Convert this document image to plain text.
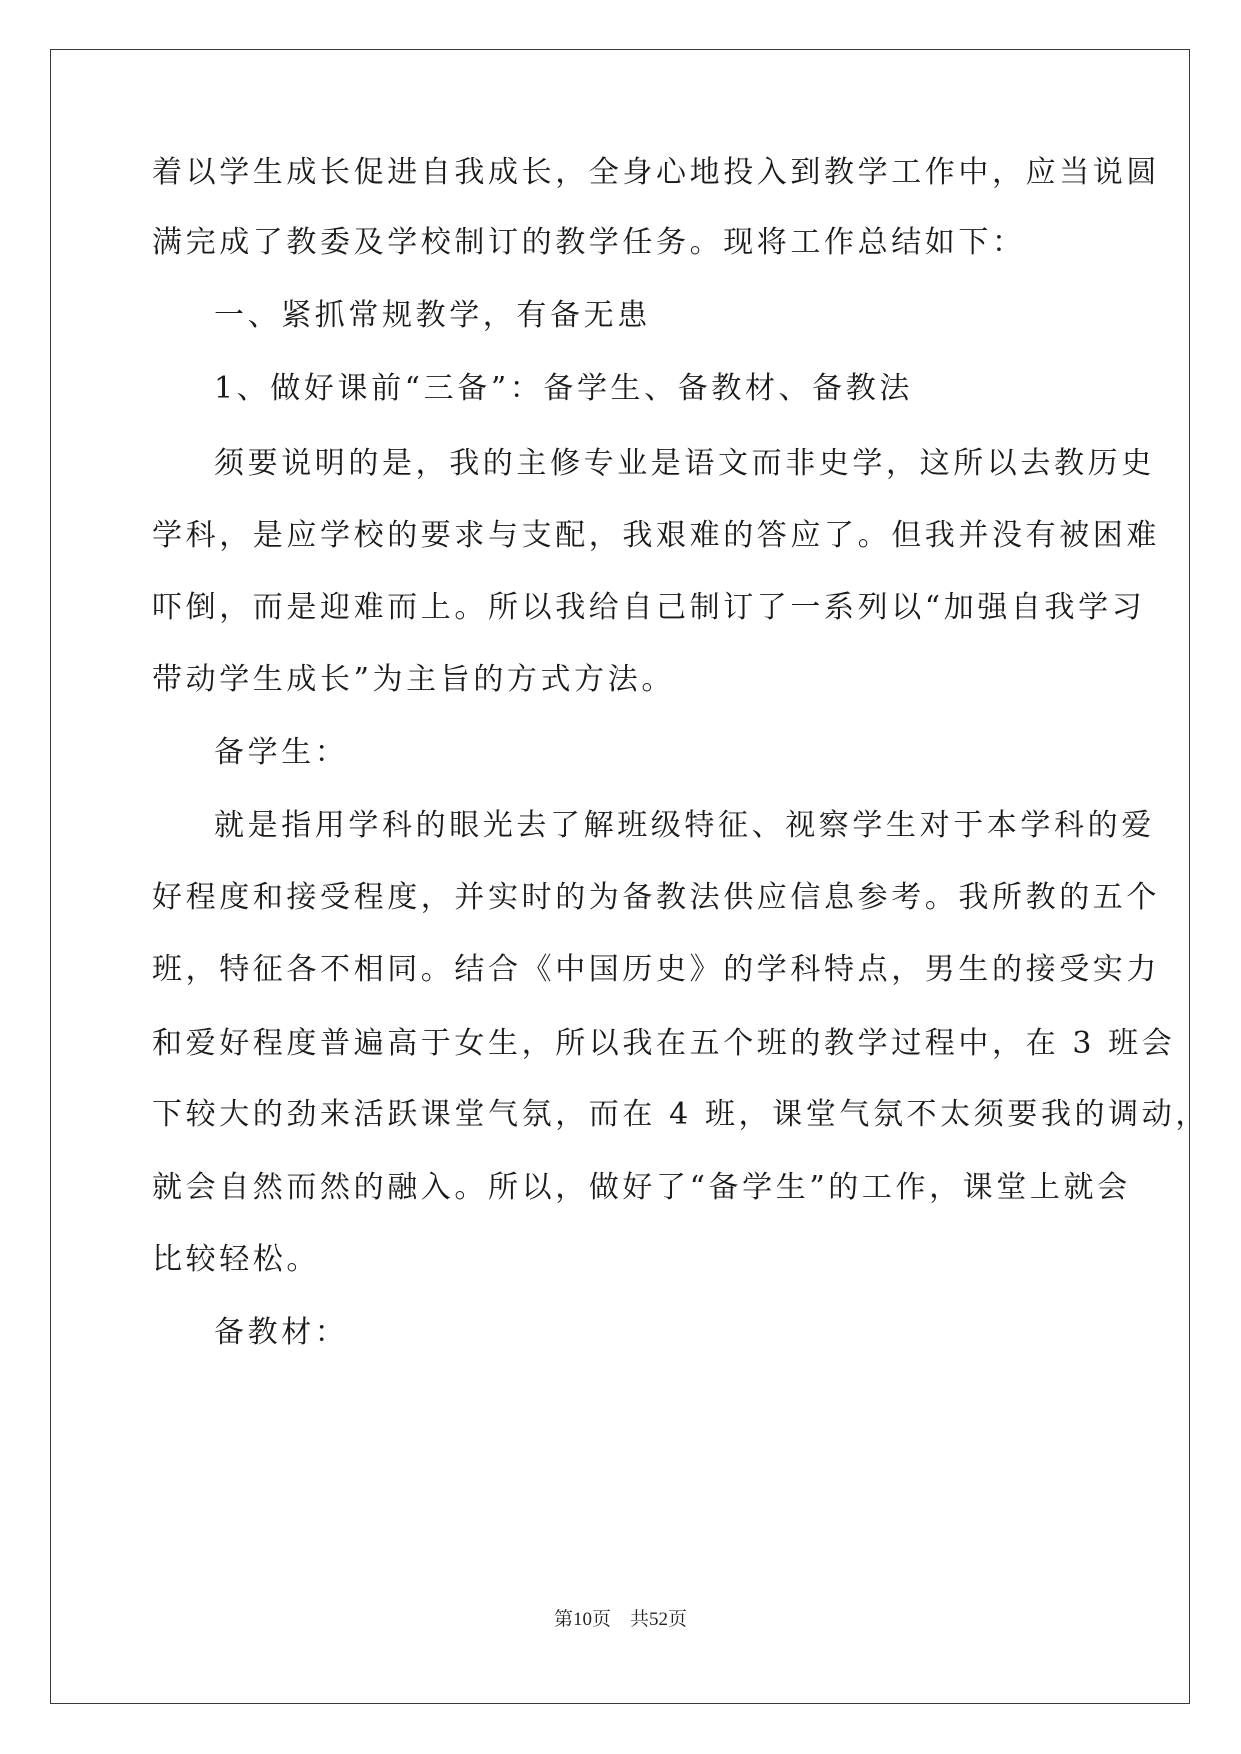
着以学生成长促进自我成长，全身心地投入到教学工作中，应当说圆
满完成了教委及学校制订的教学任务。现将工作总结如下：
一、紧抓常规教学，有备无患
1、做好课前“三备”：备学生、备教材、备教法
须要说明的是，我的主修专业是语文而非史学，这所以去教历史
学科，是应学校的要求与支配，我艰难的答应了。但我并没有被困难
吓倒，而是迎难而上。所以我给自己制订了一系列以“加强自我学习
带动学生成长”为主旨的方式方法。
备学生：
就是指用学科的眼光去了解班级特征、视察学生对于本学科的爱
好程度和接受程度，并实时的为备教法供应信息参考。我所教的五个
班，特征各不相同。结合《中国历史》的学科特点，男生的接受实力
和爱好程度普遍高于女生，所以我在五个班的教学过程中，在 3 班会
下较大的劲来活跃课堂气氛，而在 4 班，课堂气氛不太须要我的调动，
就会自然而然的融入。所以，做好了“备学生”的工作，课堂上就会
比较轻松。
备教材：
第10页　共52页
